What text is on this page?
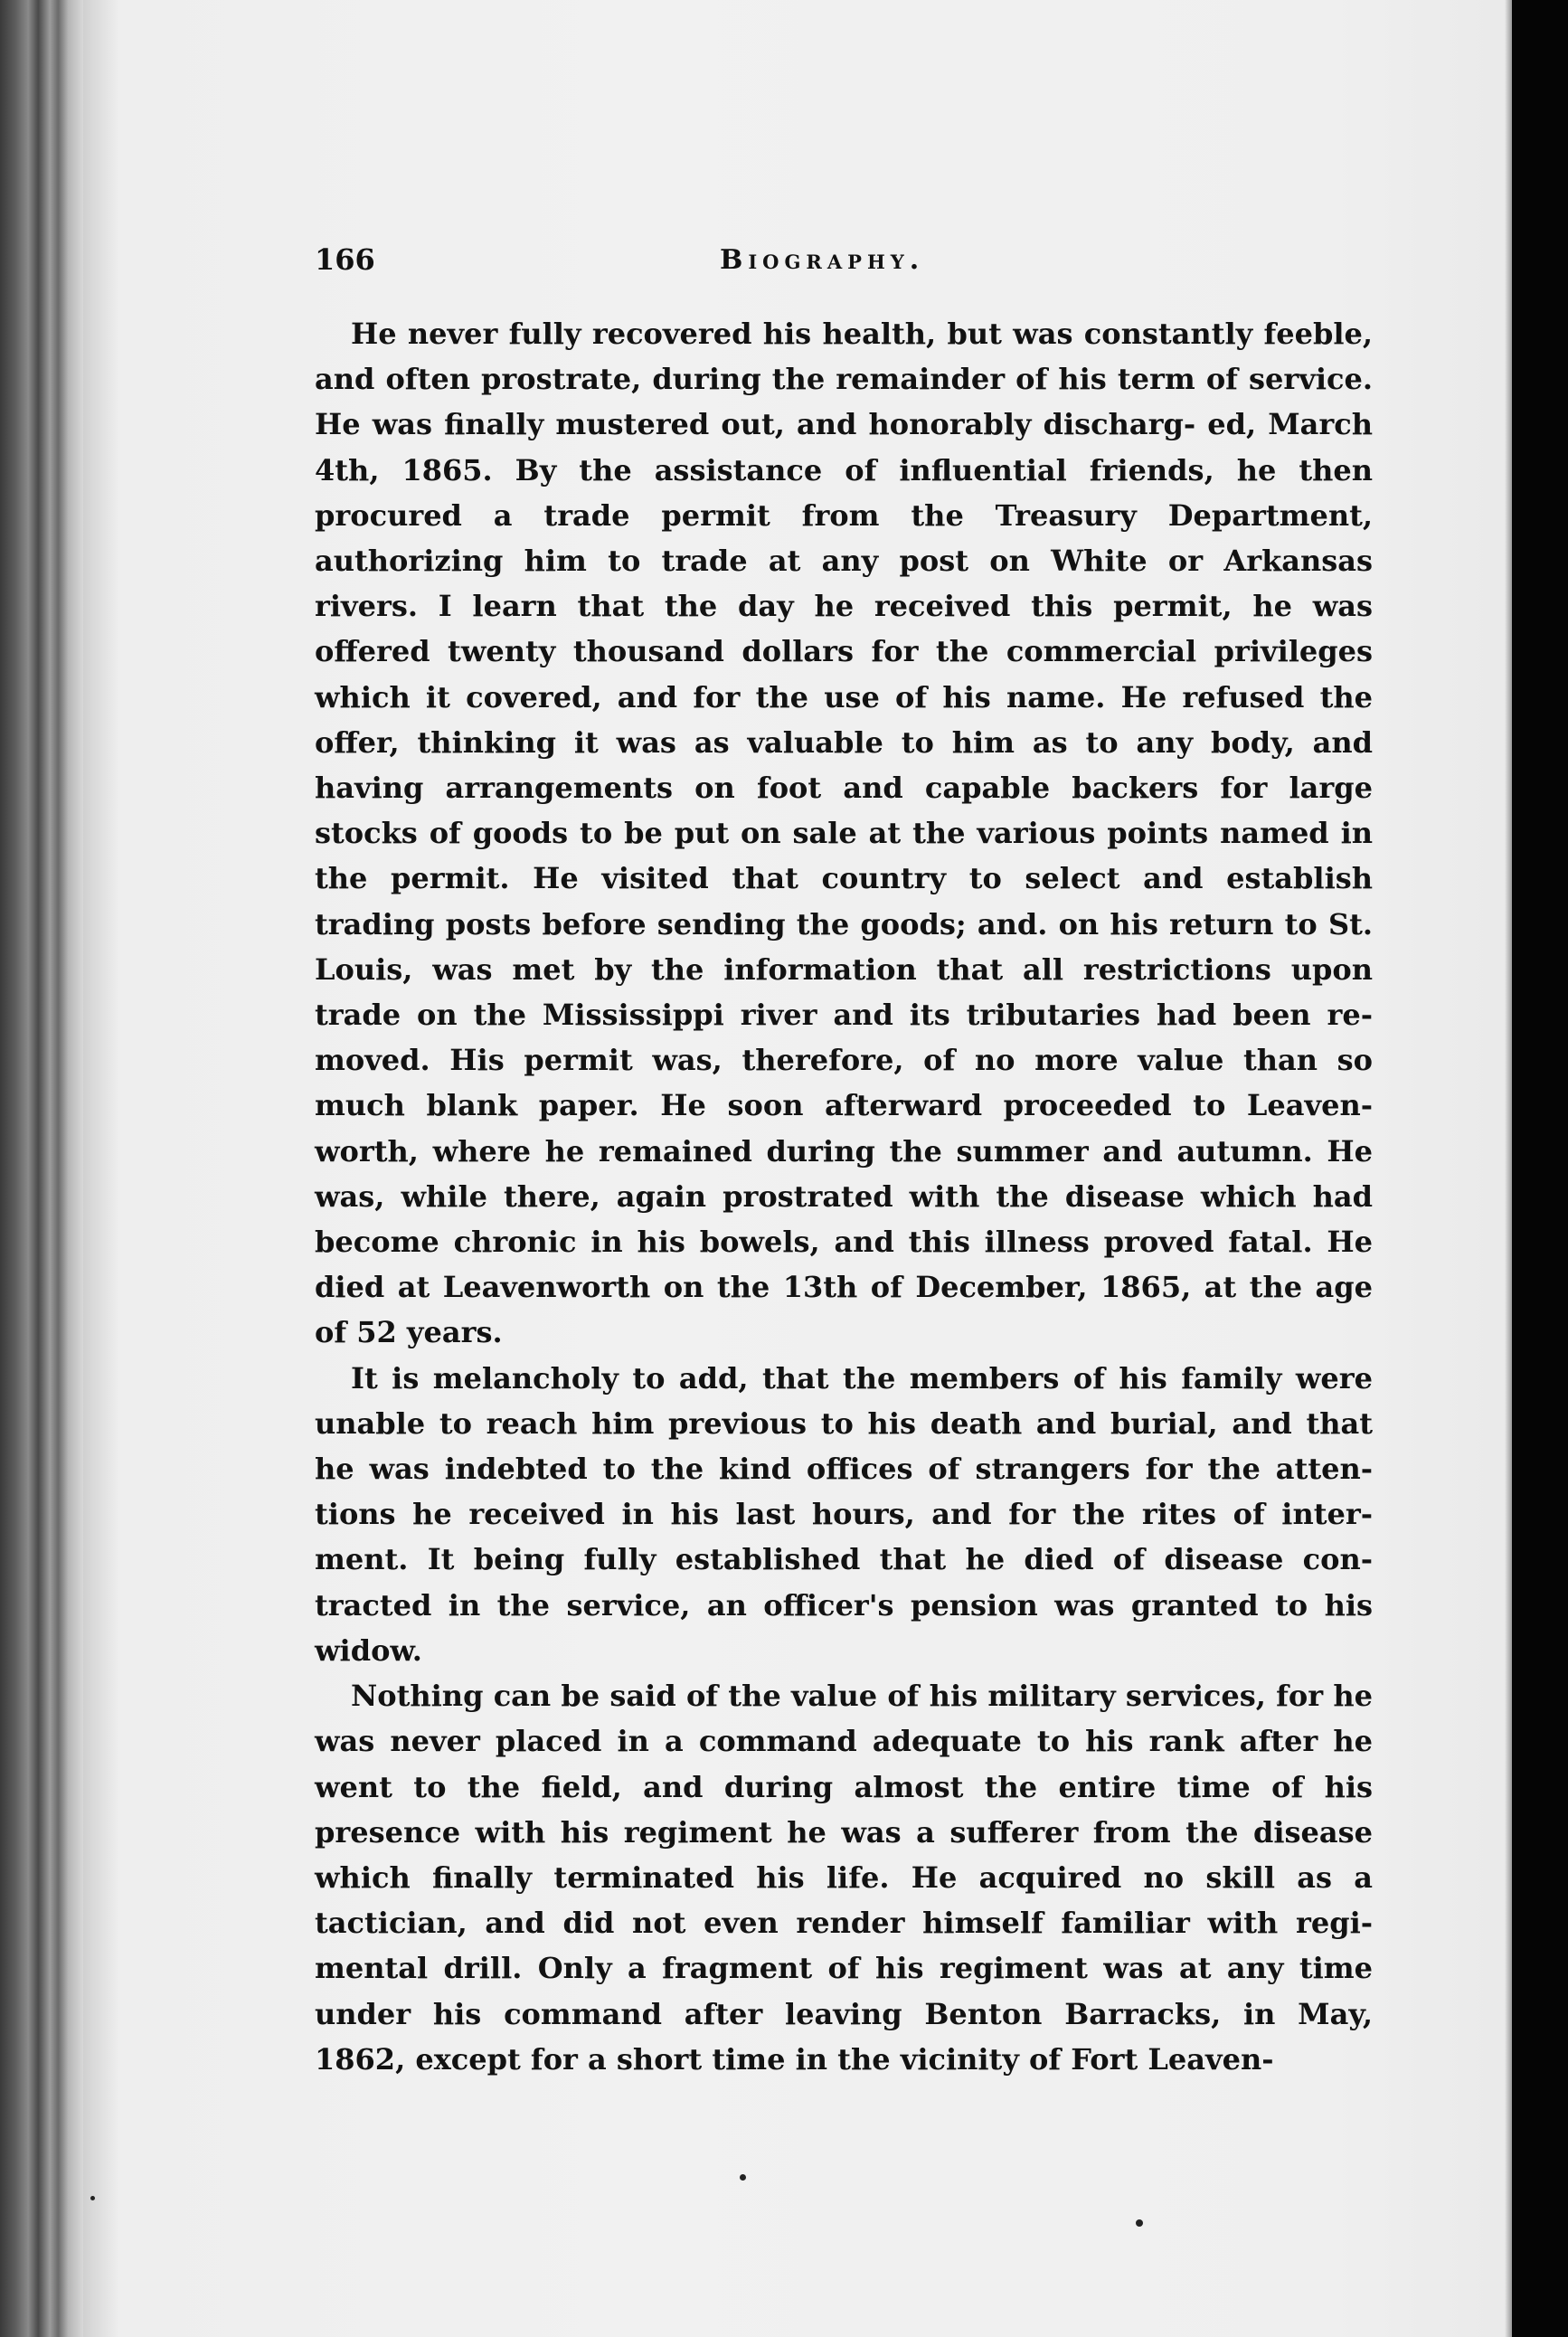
166	Biography.

He never fully recovered his health, but was constantly feeble, and often prostrate, during the remainder of his term of service. He was finally mustered out, and honorably discharg- ed, March 4th, 1865. By the assistance of influential friends, he then procured a trade permit from the Treasury Department, authorizing him to trade at any post on White or Arkansas rivers. I learn that the day he received this permit, he was offered twenty thousand dollars for the commercial privileges which it covered, and for the use of his name. He refused the offer, thinking it was as valuable to him as to any body, and having arrangements on foot and capable backers for large stocks of goods to be put on sale at the various points named in the permit. He visited that country to select and establish trading posts before sending the goods; and. on his return to St. Louis, was met by the information that all restrictions upon trade on the Mississippi river and its tributaries had been re- moved. His permit was, therefore, of no more value than so much blank paper. He soon afterward proceeded to Leaven- worth, where he remained during the summer and autumn. He was, while there, again prostrated with the disease which had become chronic in his bowels, and this illness proved fatal. He died at Leavenworth on the 13th of December, 1865, at the age of 52 years.

It is melancholy to add, that the members of his family were unable to reach him previous to his death and burial, and that he was indebted to the kind offices of strangers for the atten- tions he received in his last hours, and for the rites of inter- ment. It being fully established that he died of disease con- tracted in the service, an officer's pension was granted to his widow.

Nothing can be said of the value of his military services, for he was never placed in a command adequate to his rank after he went to the field, and during almost the entire time of his presence with his regiment he was a sufferer from the disease which finally terminated his life. He acquired no skill as a tactician, and did not even render himself familiar with regi- mental drill. Only a fragment of his regiment was at any time under his command after leaving Benton Barracks, in May, 1862, except for a short time in the vicinity of Fort Leaven-
